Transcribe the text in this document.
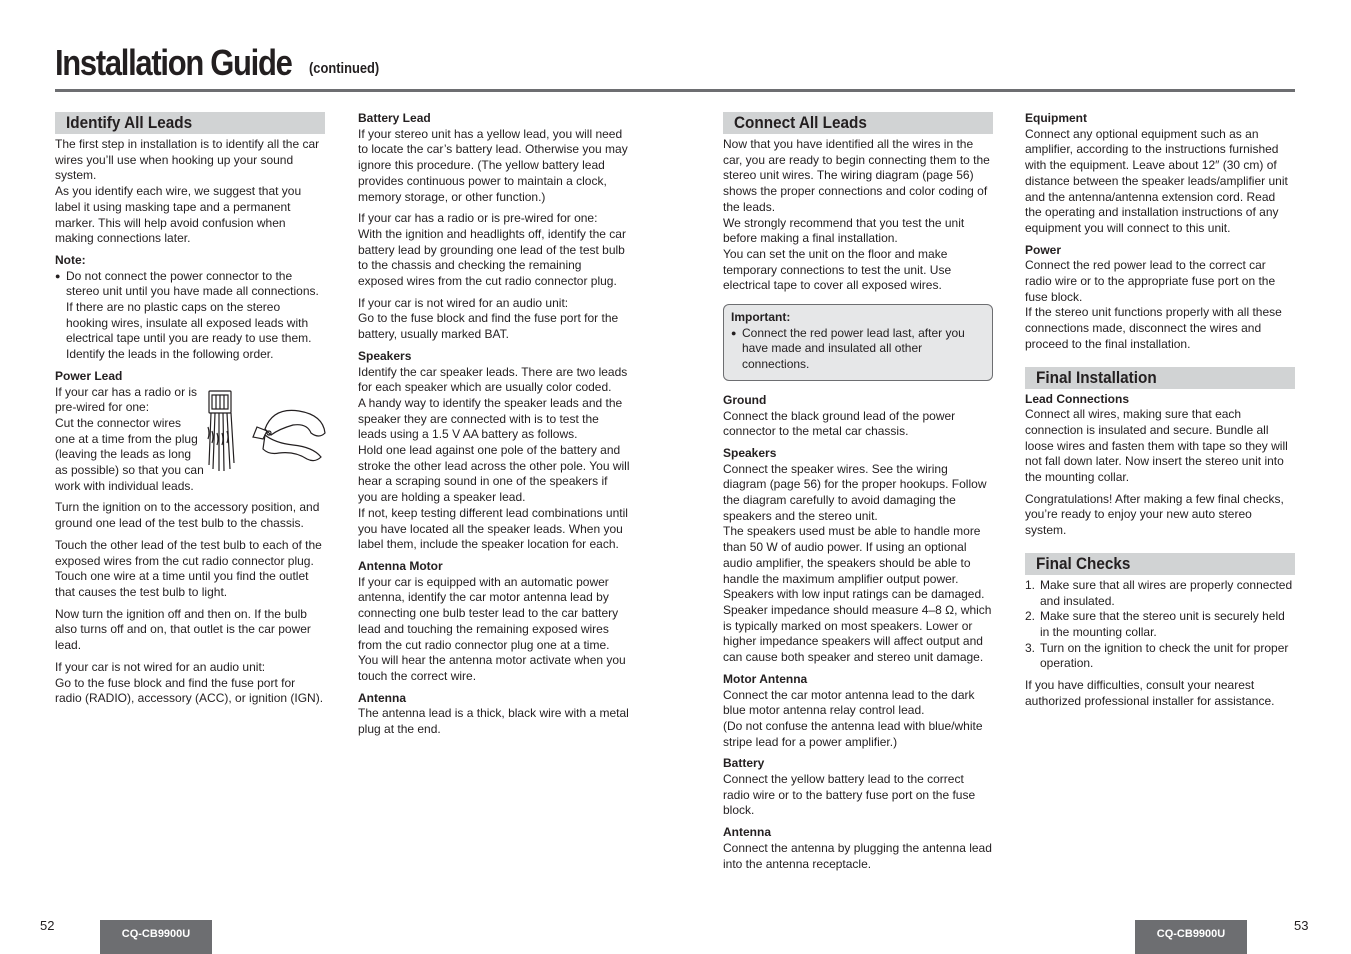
Installation Guide (continued)
Identify All Leads

The first step in installation is to identify all the car wires you’ll use when hooking up your sound system.

As you identify each wire, we suggest that you label it using masking tape and a permanent marker. This will help avoid confusion when making connections later.

Note:

● Do not connect the power connector to the stereo unit until you have made all connections. If there are no plastic caps on the stereo hooking wires, insulate all exposed leads with electrical tape until you are ready to use them. Identify the leads in the following order.

Power Lead
If your car has a radio or is
pre-wired for one:
Cut the connector wires
one at a time from the plug
(leaving the leads as long
as possible) so that you can
work with individual leads.

Turn the ignition on to the accessory position, and ground one lead of the test bulb to the chassis.

Touch the other lead of the test bulb to each of the exposed wires from the cut radio connector plug. Touch one wire at a time until you find the outlet that causes the test bulb to light.

Now turn the ignition off and then on. If the bulb also turns off and on, that outlet is the car power lead.

If your car is not wired for an audio unit:

Go to the fuse block and find the fuse port for radio (RADIO), accessory (ACC), or ignition (IGN).

Battery Lead

If your stereo unit has a yellow lead, you will need to locate the car’s battery lead. Otherwise you may ignore this procedure. (The yellow battery lead provides continuous power to maintain a clock, memory storage, or other function.)

If your car has a radio or is pre-wired for one:

With the ignition and headlights off, identify the car battery lead by grounding one lead of the test bulb to the chassis and checking the remaining exposed wires from the cut radio connector plug.

If your car is not wired for an audio unit:

Go to the fuse block and find the fuse port for the battery, usually marked BAT.

Speakers

Identify the car speaker leads. There are two leads for each speaker which are usually color coded.

A handy way to identify the speaker leads and the speaker they are connected with is to test the leads using a 1.5 V AA battery as follows.

Hold one lead against one pole of the battery and stroke the other lead across the other pole. You will hear a scraping sound in one of the speakers if you are holding a speaker lead.

If not, keep testing different lead combinations until you have located all the speaker leads. When you label them, include the speaker location for each.

Antenna Motor

If your car is equipped with an automatic power antenna, identify the car motor antenna lead by connecting one bulb tester lead to the car battery lead and touching the remaining exposed wires from the cut radio connector plug one at a time. You will hear the antenna motor activate when you touch the correct wire.

Antenna

The antenna lead is a thick, black wire with a metal plug at the end.

Connect All Leads

Now that you have identified all the wires in the car, you are ready to begin connecting them to the stereo unit wires. The wiring diagram (page 56) shows the proper connections and color coding of the leads.

We strongly recommend that you test the unit before making a final installation.

You can set the unit on the floor and make temporary connections to test the unit. Use electrical tape to cover all exposed wires.

Important:
● Connect the red power lead last, after you have made and insulated all other connections.
Ground

Connect the black ground lead of the power connector to the metal car chassis.

Speakers

Connect the speaker wires. See the wiring diagram (page 56) for the proper hookups. Follow the diagram carefully to avoid damaging the speakers and the stereo unit.

The speakers used must be able to handle more than 50 W of audio power. If using an optional audio amplifier, the speakers should be able to handle the maximum amplifier output power. Speakers with low input ratings can be damaged. Speaker impedance should measure 4–8 Ω, which is typically marked on most speakers. Lower or higher impedance speakers will affect output and can cause both speaker and stereo unit damage.

Motor Antenna

Connect the car motor antenna lead to the dark blue motor antenna relay control lead.

(Do not confuse the antenna lead with blue/white stripe lead for a power amplifier.)

Battery

Connect the yellow battery lead to the correct radio wire or to the battery fuse port on the fuse block.

Antenna

Connect the antenna by plugging the antenna lead into the antenna receptacle.

Equipment

Connect any optional equipment such as an amplifier, according to the instructions furnished with the equipment. Leave about 12″ (30 cm) of distance between the speaker leads/amplifier unit and the antenna/antenna extension cord. Read the operating and installation instructions of any equipment you will connect to this unit.

Power

Connect the red power lead to the correct car radio wire or to the appropriate fuse port on the fuse block.

If the stereo unit functions properly with all these connections made, disconnect the wires and proceed to the final installation.

Final Installation
Lead Connections

Connect all wires, making sure that each connection is insulated and secure. Bundle all loose wires and fasten them with tape so they will not fall down later. Now insert the stereo unit into the mounting collar.

Congratulations! After making a few final checks, you’re ready to enjoy your new auto stereo system.

Final Checks
1. Make sure that all wires are properly connected and insulated.
2. Make sure that the stereo unit is securely held in the mounting collar.
3. Turn on the ignition to check the unit for proper operation.

If you have difficulties, consult your nearest authorized professional installer for assistance.

52
CQ-CB9900U	CQ-CB9900U
53
